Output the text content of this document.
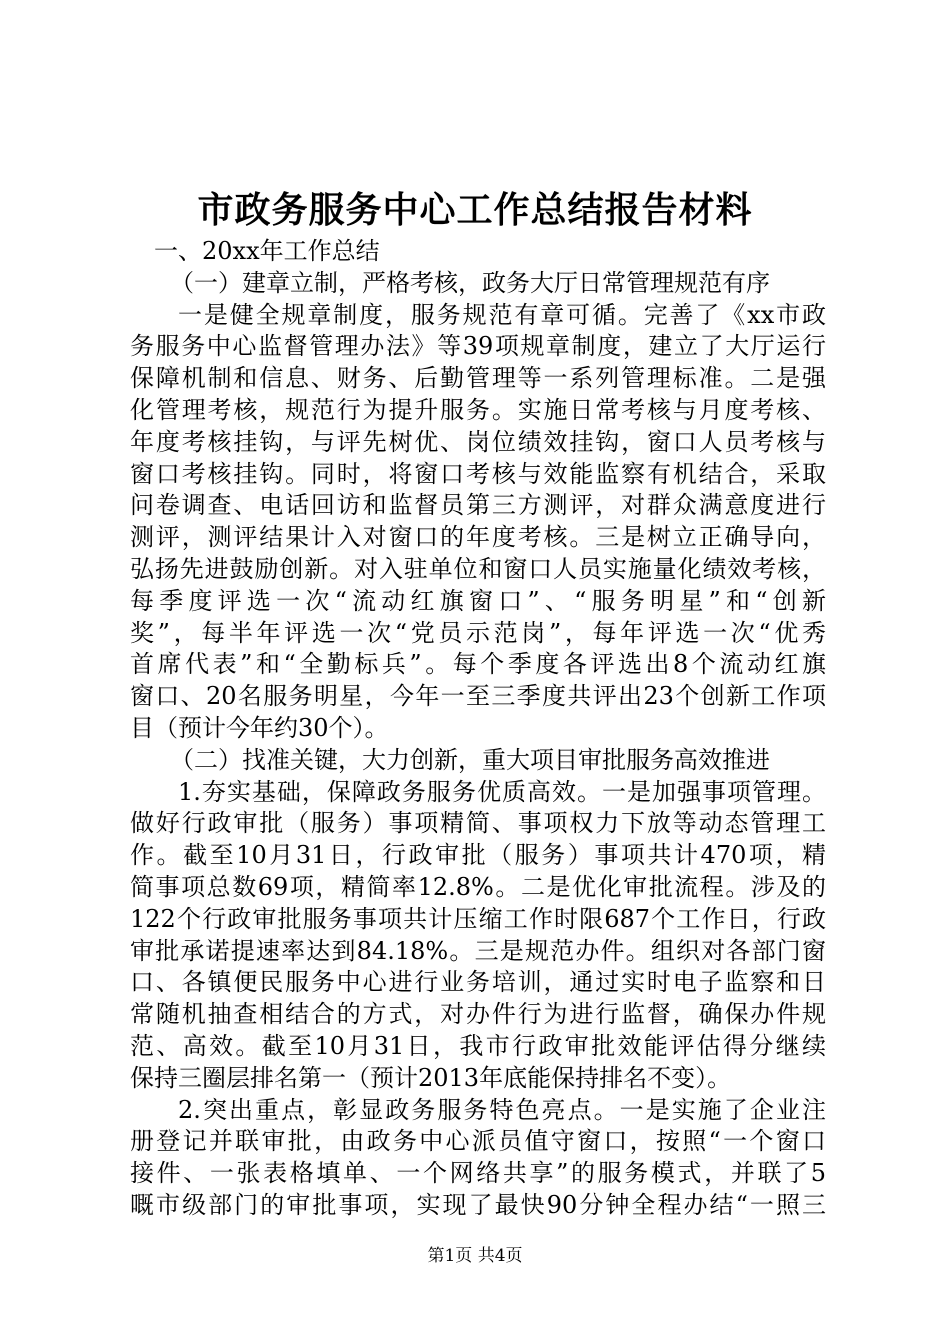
市政务服务中心工作总结报告材料
一、20xx年工作总结
（一）建章立制，严格考核，政务大厅日常管理规范有序
一是健全规章制度，服务规范有章可循。完善了《xx市政
务服务中心监督管理办法》等39项规章制度，建立了大厅运行
保障机制和信息、财务、后勤管理等一系列管理标准。二是强
化管理考核，规范行为提升服务。实施日常考核与月度考核、
年度考核挂钩，与评先树优、岗位绩效挂钩，窗口人员考核与
窗口考核挂钩。同时，将窗口考核与效能监察有机结合，采取
问卷调查、电话回访和监督员第三方测评，对群众满意度进行
测评，测评结果计入对窗口的年度考核。三是树立正确导向，
弘扬先进鼓励创新。对入驻单位和窗口人员实施量化绩效考核，
每季度评选一次“流动红旗窗口”、“服务明星”和“创新
奖”，每半年评选一次“党员示范岗”，每年评选一次“优秀
首席代表”和“全勤标兵”。每个季度各评选出8个流动红旗
窗口、20名服务明星，今年一至三季度共评出23个创新工作项
目（预计今年约30个）。
（二）找准关键，大力创新，重大项目审批服务高效推进
1.夯实基础，保障政务服务优质高效。一是加强事项管理。
做好行政审批（服务）事项精简、事项权力下放等动态管理工
作。截至10月31日，行政审批（服务）事项共计470项，精
简事项总数69项，精简率12.8%。二是优化审批流程。涉及的
122个行政审批服务事项共计压缩工作时限687个工作日，行政
审批承诺提速率达到84.18%。三是规范办件。组织对各部门窗
口、各镇便民服务中心进行业务培训，通过实时电子监察和日
常随机抽查相结合的方式，对办件行为进行监督，确保办件规
范、高效。截至10月31日，我市行政审批效能评估得分继续
保持三圈层排名第一（预计2013年底能保持排名不变）。
2.突出重点，彰显政务服务特色亮点。一是实施了企业注
册登记并联审批，由政务中心派员值守窗口，按照“一个窗口
接件、一张表格填单、一个网络共享”的服务模式，并联了5
嘅市级部门的审批事项，实现了最快90分钟全程办结“一照三
第1页 共4页
